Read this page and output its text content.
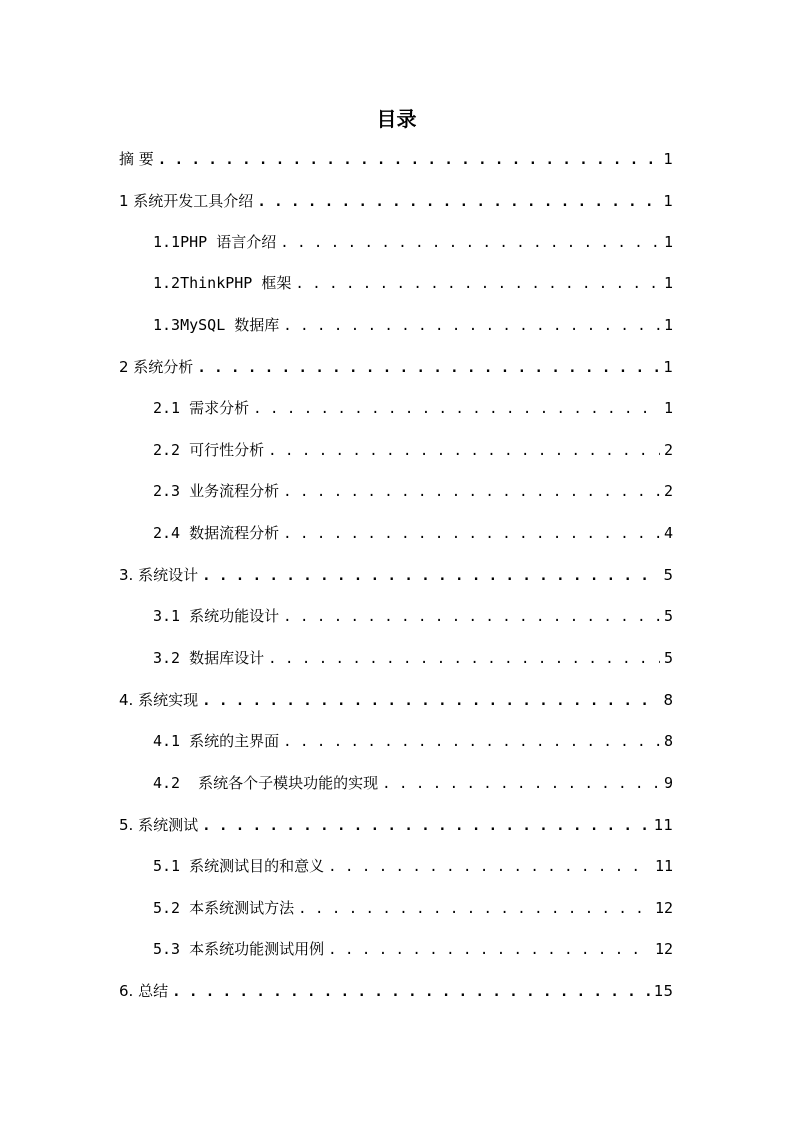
目录
摘 要 . . .	1
1 系统开发工具介绍 . . .	1
1.1PHP 语言介绍 . . .	1
1.2ThinkPHP 框架 . . .	1
1.3MySQL 数据库 . . .	1
2 系统分析 . . .	1
2.1 需求分析 . . .	1
2.2 可行性分析 . . .	2
2.3 业务流程分析 . . .	2
2.4 数据流程分析 . . .	4
3. 系统设计 . . .	5
3.1 系统功能设计 . . .	5
3.2 数据库设计 . . .	5
4. 系统实现 . . .	8
4.1 系统的主界面 . . .	8
4.2  系统各个子模块功能的实现 . . .	9
5. 系统测试 . . .	11
5.1 系统测试目的和意义 . . .	11
5.2 本系统测试方法 . . .	12
5.3 本系统功能测试用例 . . .	12
6. 总结 . . .	15
